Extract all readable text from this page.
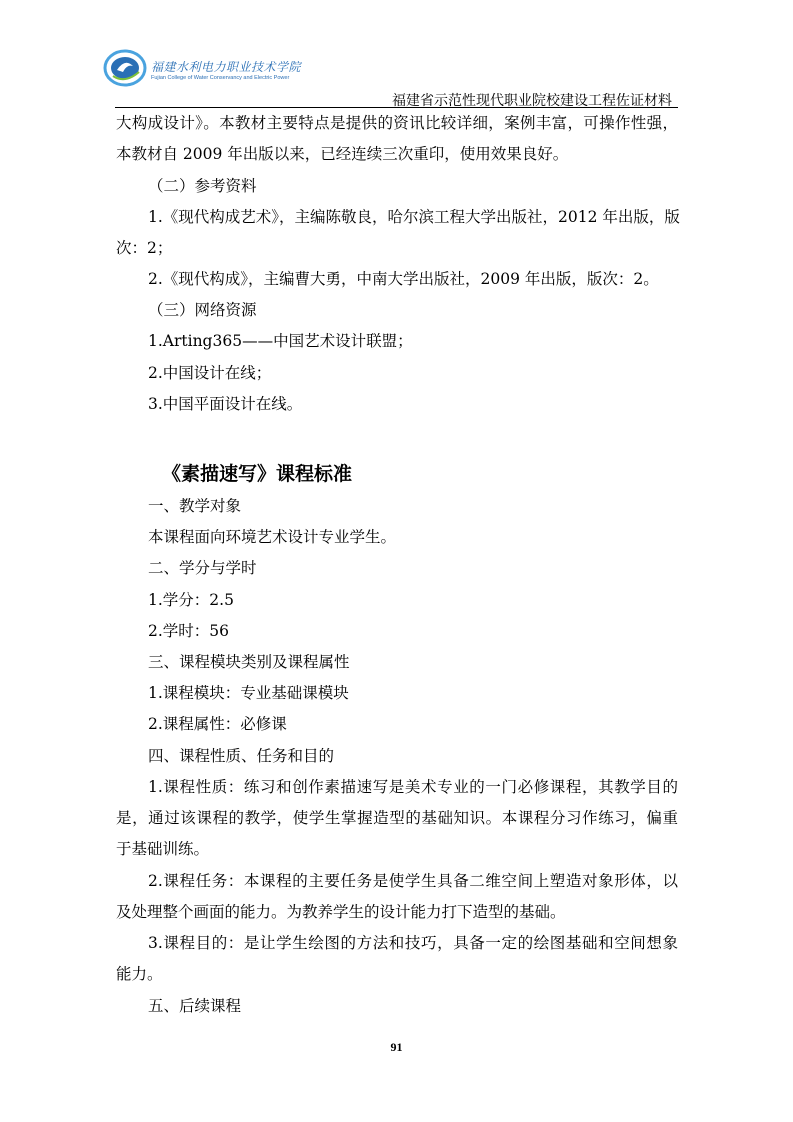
福建水利电力职业技术学院
Fujian College of Water Conservancy and Electric Power
福建省示范性现代职业院校建设工程佐证材料
大构成设计》。本教材主要特点是提供的资讯比较详细，案例丰富，可操作性强，
本教材自 2009 年出版以来，已经连续三次重印，使用效果良好。
（二）参考资料
1.《现代构成艺术》，主编陈敬良，哈尔滨工程大学出版社，2012 年出版，版
次：2；
2.《现代构成》，主编曹大勇，中南大学出版社，2009 年出版，版次：2。
（三）网络资源
1.Arting365——中国艺术设计联盟；
2.中国设计在线；
3.中国平面设计在线。
《素描速写》课程标准
一、教学对象
本课程面向环境艺术设计专业学生。
二、学分与学时
1.学分：2.5
2.学时：56
三、课程模块类别及课程属性
1.课程模块：专业基础课模块
2.课程属性：必修课
四、课程性质、任务和目的
1.课程性质：练习和创作素描速写是美术专业的一门必修课程，其教学目的
是，通过该课程的教学，使学生掌握造型的基础知识。本课程分习作练习，偏重
于基础训练。
2.课程任务：本课程的主要任务是使学生具备二维空间上塑造对象形体，以
及处理整个画面的能力。为教养学生的设计能力打下造型的基础。
3.课程目的：是让学生绘图的方法和技巧，具备一定的绘图基础和空间想象
能力。
五、后续课程
91
